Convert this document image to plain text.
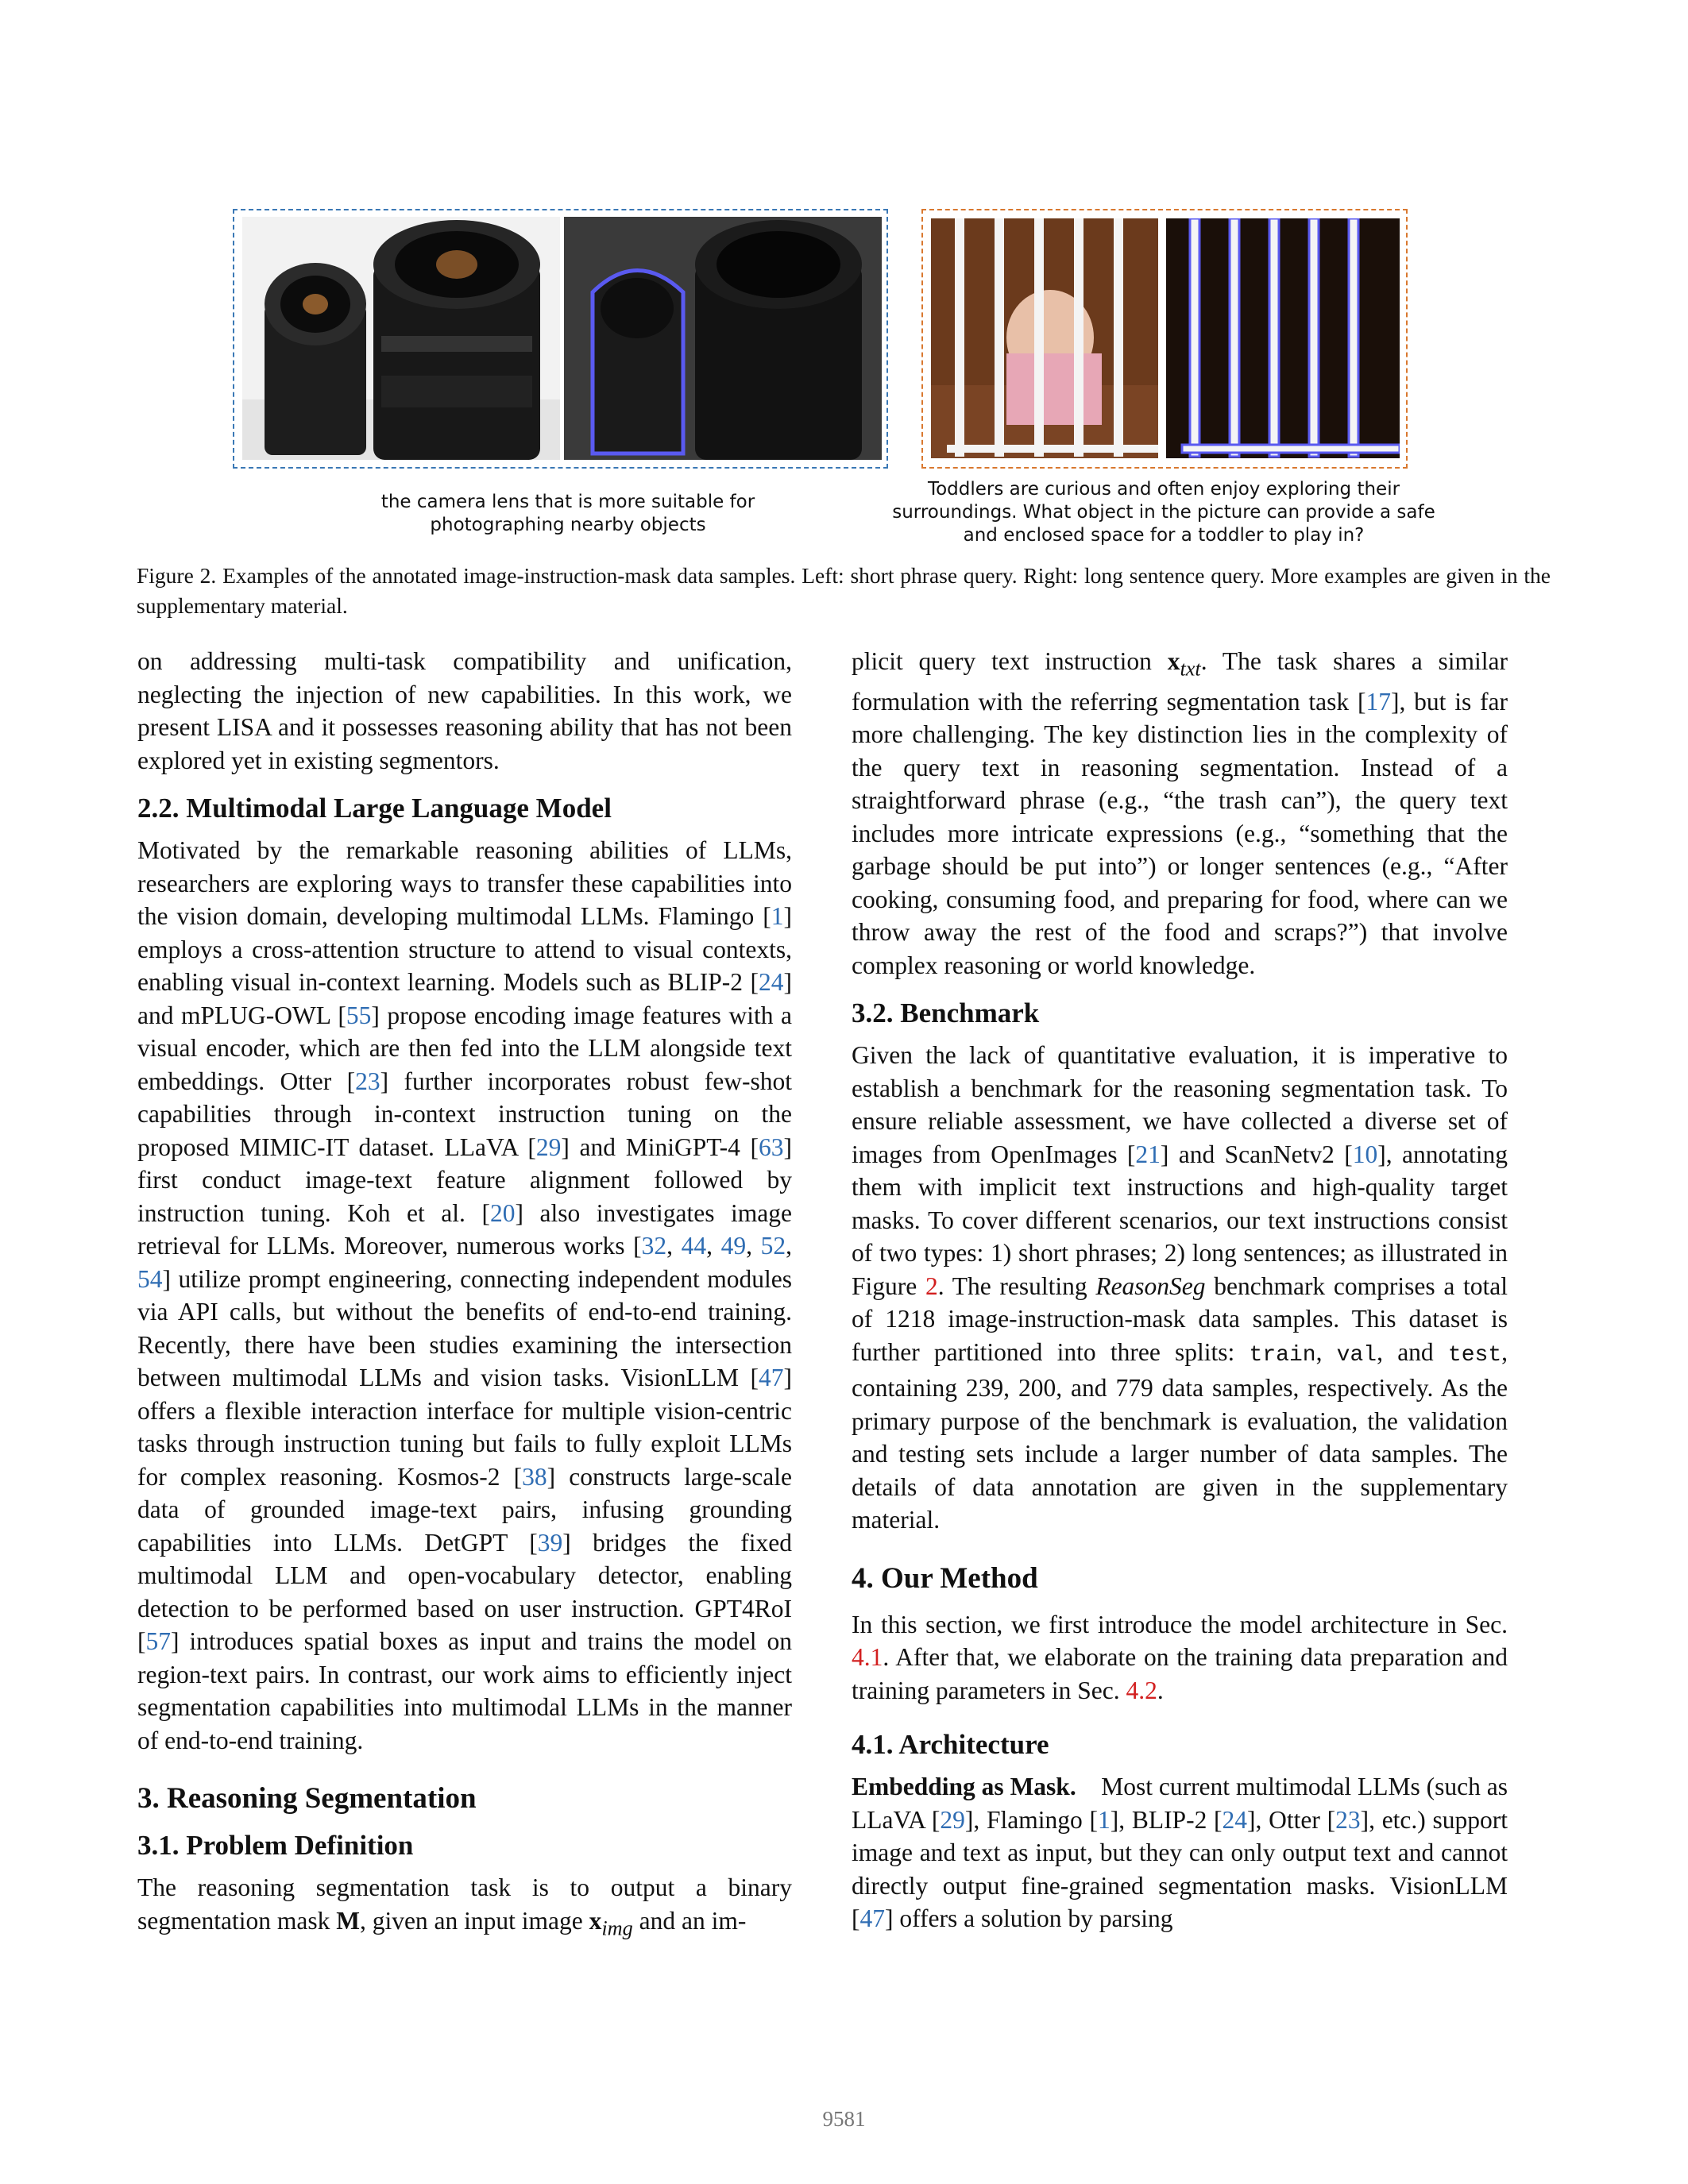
the camera lens that is more suitable for photographing nearby objects
Toddlers are curious and often enjoy exploring their surroundings. What object in the picture can provide a safe and enclosed space for a toddler to play in?
Figure 2. Examples of the annotated image-instruction-mask data samples. Left: short phrase query. Right: long sentence query. More examples are given in the supplementary material.

on addressing multi-task compatibility and unification, neglecting the injection of new capabilities. In this work, we present LISA and it possesses reasoning ability that has not been explored yet in existing segmentors.

2.2. Multimodal Large Language Model

Motivated by the remarkable reasoning abilities of LLMs, researchers are exploring ways to transfer these capabilities into the vision domain, developing multimodal LLMs. Flamingo [1] employs a cross-attention structure to attend to visual contexts, enabling visual in-context learning. Models such as BLIP-2 [24] and mPLUG-OWL [55] propose encoding image features with a visual encoder, which are then fed into the LLM alongside text embeddings. Otter [23] further incorporates robust few-shot capabilities through in-context instruction tuning on the proposed MIMIC-IT dataset. LLaVA [29] and MiniGPT-4 [63] first conduct image-text feature alignment followed by instruction tuning. Koh et al. [20] also investigates image retrieval for LLMs. Moreover, numerous works [32, 44, 49, 52, 54] utilize prompt engineering, connecting independent modules via API calls, but without the benefits of end-to-end training. Recently, there have been studies examining the intersection between multimodal LLMs and vision tasks. VisionLLM [47] offers a flexible interaction interface for multiple vision-centric tasks through instruction tuning but fails to fully exploit LLMs for complex reasoning. Kosmos-2 [38] constructs large-scale data of grounded image-text pairs, infusing grounding capabilities into LLMs. DetGPT [39] bridges the fixed multimodal LLM and open-vocabulary detector, enabling detection to be performed based on user instruction. GPT4RoI [57] introduces spatial boxes as input and trains the model on region-text pairs. In contrast, our work aims to efficiently inject segmentation capabilities into multimodal LLMs in the manner of end-to-end training.

3. Reasoning Segmentation
3.1. Problem Definition

The reasoning segmentation task is to output a binary segmentation mask M, given an input image $x_{img}$ and an im-

plicit query text instruction $x_{txt}$. The task shares a similar formulation with the referring segmentation task [17], but is far more challenging. The key distinction lies in the complexity of the query text in reasoning segmentation. Instead of a straightforward phrase (e.g., “the trash can”), the query text includes more intricate expressions (e.g., “something that the garbage should be put into”) or longer sentences (e.g., “After cooking, consuming food, and preparing for food, where can we throw away the rest of the food and scraps?”) that involve complex reasoning or world knowledge.

3.2. Benchmark

Given the lack of quantitative evaluation, it is imperative to establish a benchmark for the reasoning segmentation task. To ensure reliable assessment, we have collected a diverse set of images from OpenImages [21] and ScanNetv2 [10], annotating them with implicit text instructions and high-quality target masks. To cover different scenarios, our text instructions consist of two types: 1) short phrases; 2) long sentences; as illustrated in Figure 2. The resulting ReasonSeg benchmark comprises a total of 1218 image-instruction-mask data samples. This dataset is further partitioned into three splits: train, val, and test, containing 239, 200, and 779 data samples, respectively. As the primary purpose of the benchmark is evaluation, the validation and testing sets include a larger number of data samples. The details of data annotation are given in the supplementary material.

4. Our Method

In this section, we first introduce the model architecture in Sec. 4.1. After that, we elaborate on the training data preparation and training parameters in Sec. 4.2.

4.1. Architecture

Embedding as Mask.    Most current multimodal LLMs (such as LLaVA [29], Flamingo [1], BLIP-2 [24], Otter [23], etc.) support image and text as input, but they can only output text and cannot directly output fine-grained segmentation masks. VisionLLM [47] offers a solution by parsing

9581
